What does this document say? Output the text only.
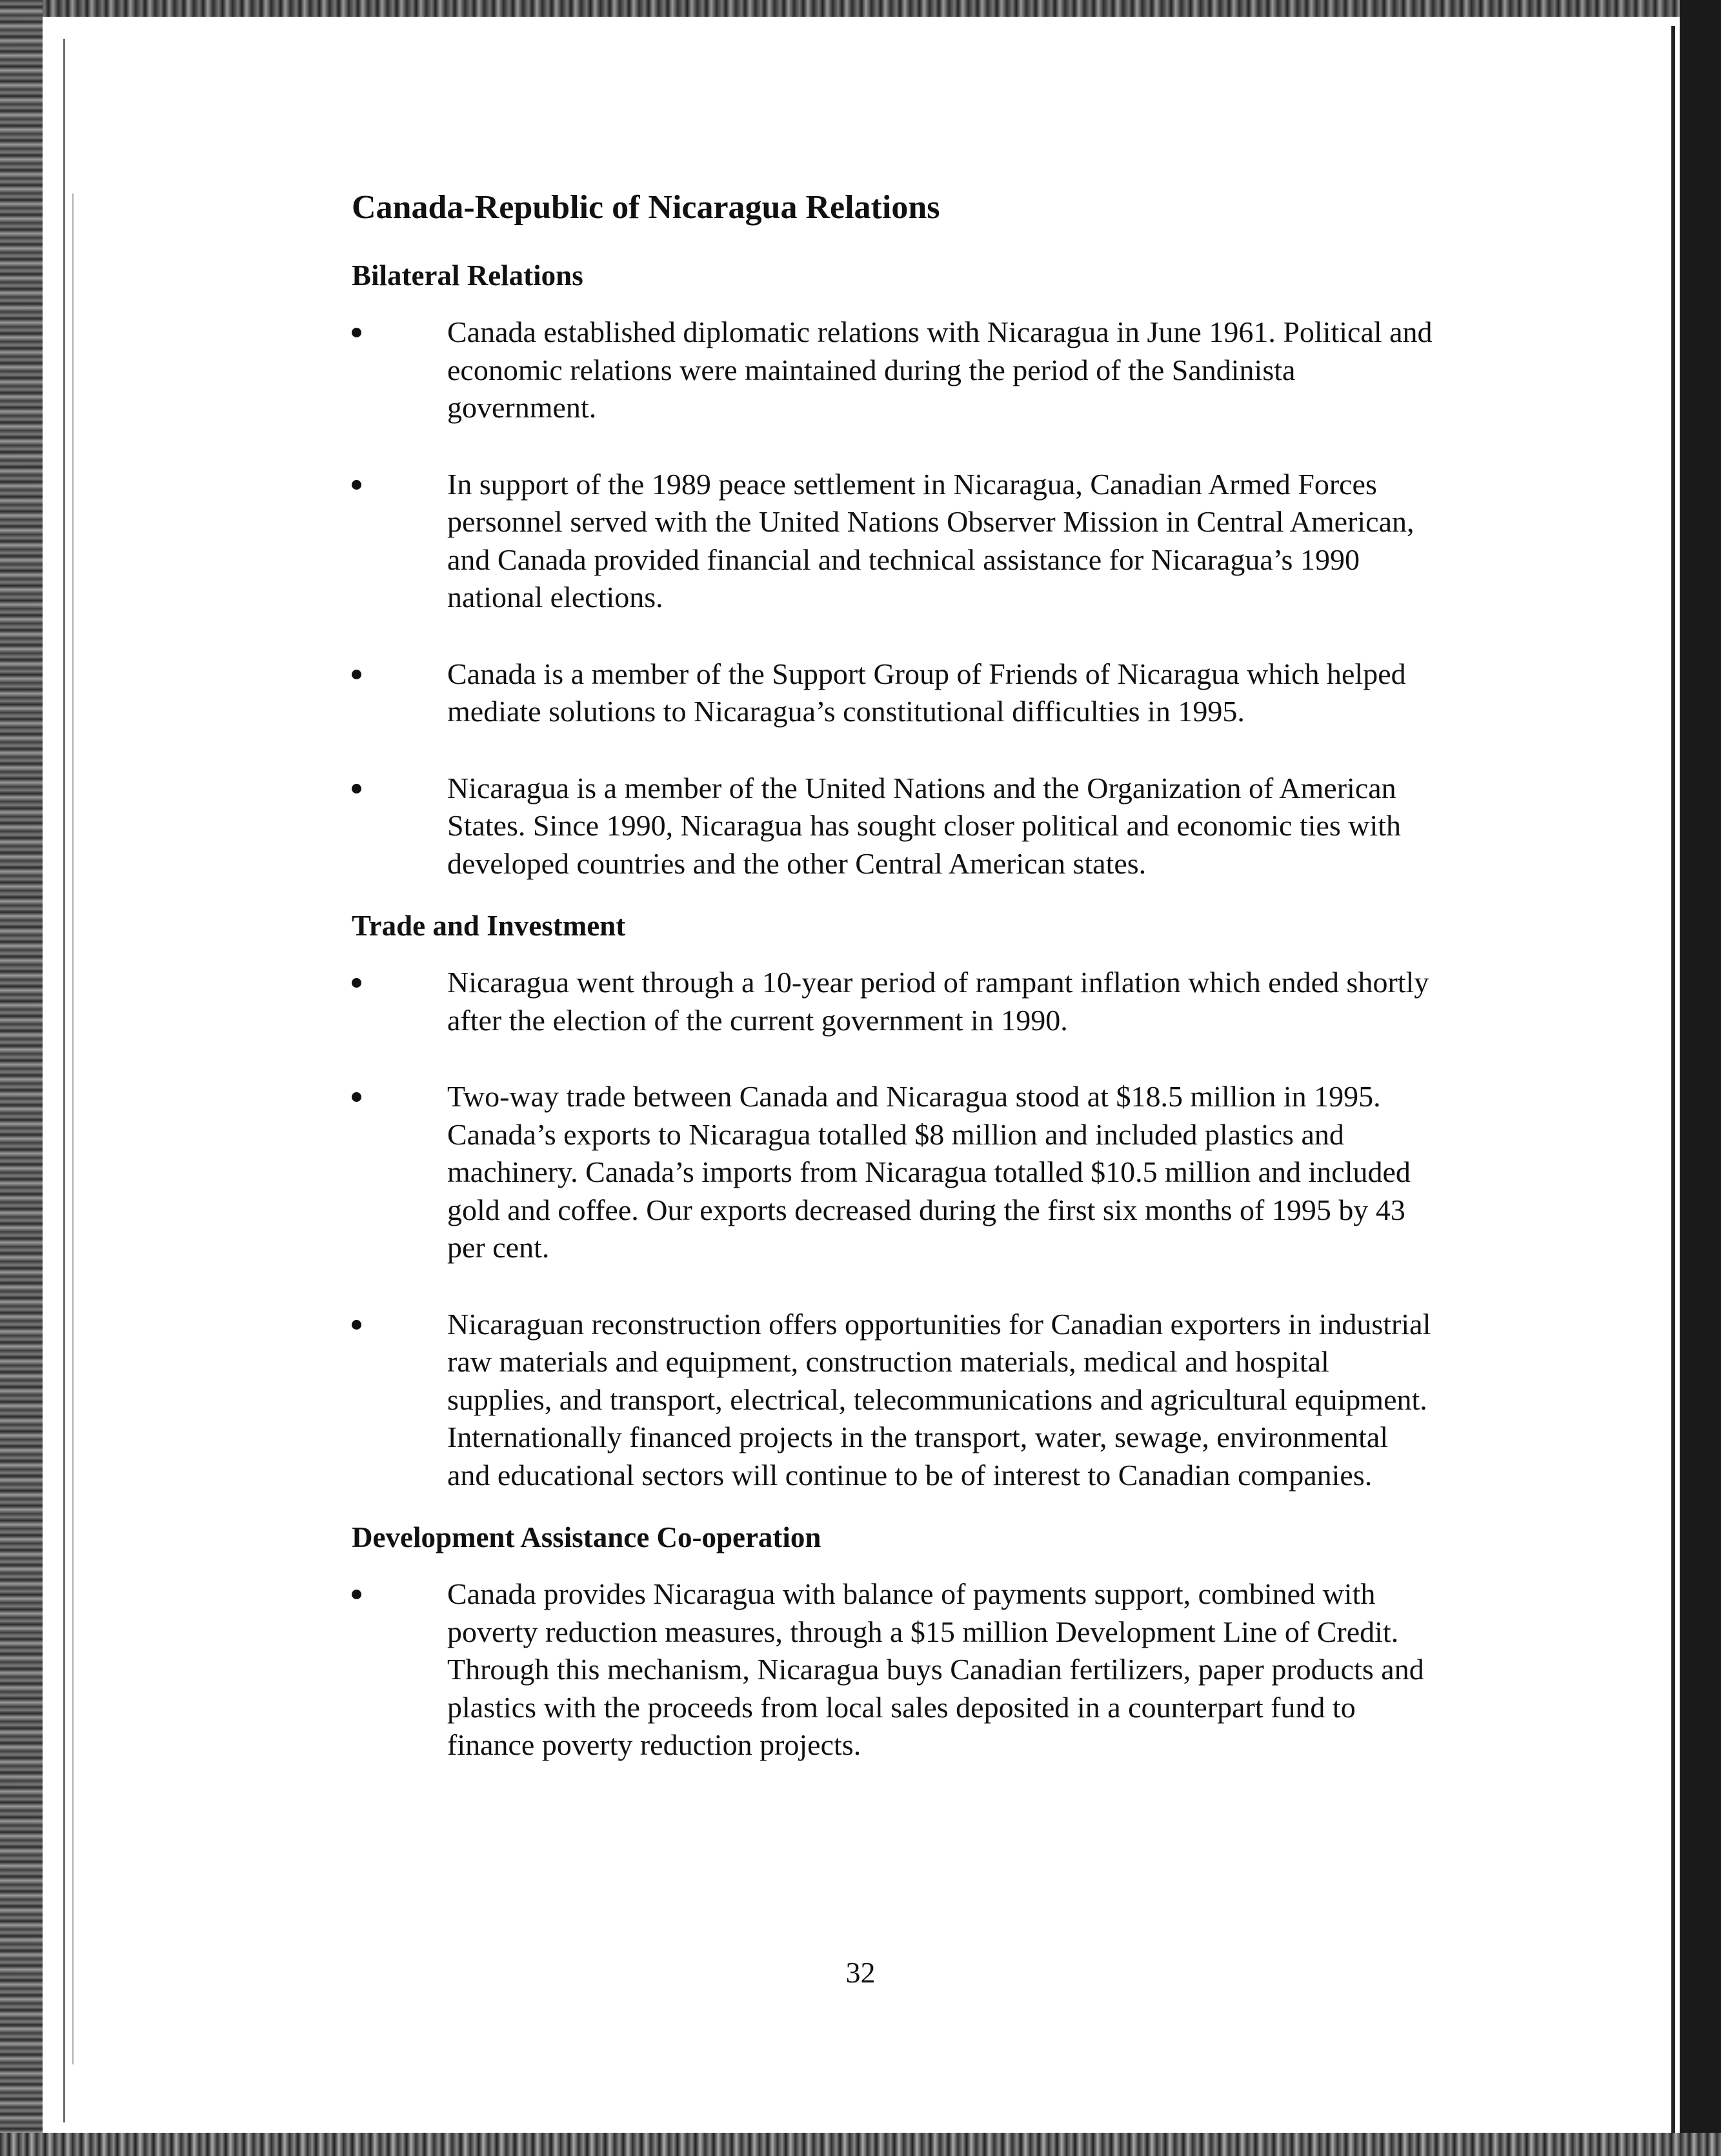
Canada-Republic of Nicaragua Relations
Bilateral Relations
Canada established diplomatic relations with Nicaragua in June 1961. Political and economic relations were maintained during the period of the Sandinista government.
In support of the 1989 peace settlement in Nicaragua, Canadian Armed Forces personnel served with the United Nations Observer Mission in Central American, and Canada provided financial and technical assistance for Nicaragua’s 1990 national elections.
Canada is a member of the Support Group of Friends of Nicaragua which helped mediate solutions to Nicaragua’s constitutional difficulties in 1995.
Nicaragua is a member of the United Nations and the Organization of American States. Since 1990, Nicaragua has sought closer political and economic ties with developed countries and the other Central American states.
Trade and Investment
Nicaragua went through a 10-year period of rampant inflation which ended shortly after the election of the current government in 1990.
Two-way trade between Canada and Nicaragua stood at $18.5 million in 1995. Canada’s exports to Nicaragua totalled $8 million and included plastics and machinery. Canada’s imports from Nicaragua totalled $10.5 million and included gold and coffee. Our exports decreased during the first six months of 1995 by 43 per cent.
Nicaraguan reconstruction offers opportunities for Canadian exporters in industrial raw materials and equipment, construction materials, medical and hospital supplies, and transport, electrical, telecommunications and agricultural equipment. Internationally financed projects in the transport, water, sewage, environmental and educational sectors will continue to be of interest to Canadian companies.
Development Assistance Co-operation
Canada provides Nicaragua with balance of payments support, combined with poverty reduction measures, through a $15 million Development Line of Credit. Through this mechanism, Nicaragua buys Canadian fertilizers, paper products and plastics with the proceeds from local sales deposited in a counterpart fund to finance poverty reduction projects.
32
